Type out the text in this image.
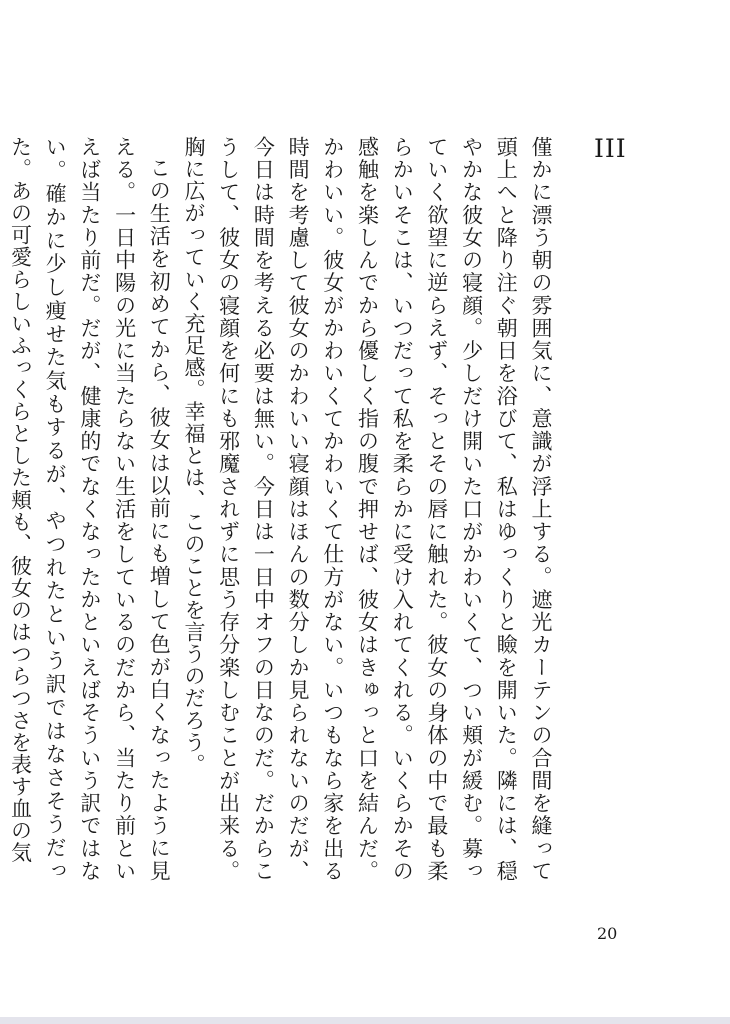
III

僅かに漂う朝の雰囲気に、意識が浮上する。遮光カーテンの合間を縫って頭上へと降り注ぐ朝日を浴びて、私はゆっくりと瞼を開いた。隣には、穏やかな彼女の寝顔。少しだけ開いた口がかわいくて、つい頬が緩む。募っていく欲望に逆らえず、そっとその唇に触れた。彼女の身体の中で最も柔らかいそこは、いつだって私を柔らかに受け入れてくれる。いくらかその感触を楽しんでから優しく指の腹で押せば、彼女はきゅっと口を結んだ。かわいい。彼女がかわいくてかわいくて仕方がない。いつもなら家を出る時間を考慮して彼女のかわいい寝顔はほんの数分しか見られないのだが、今日は時間を考える必要は無い。今日は一日中オフの日なのだ。だからこうして、彼女の寝顔を何にも邪魔されずに思う存分楽しむことが出来る。胸に広がっていく充足感。幸福とは、このことを言うのだろう。

この生活を初めてから、彼女は以前にも増して色が白くなったように見える。一日中陽の光に当たらない生活をしているのだから、当たり前といえば当たり前だ。だが、健康的でなくなったかといえばそういう訳ではない。確かに少し痩せた気もするが、やつれたという訳ではなさそうだった。あの可愛らしいふっくらとした頬も、彼女のはつらつさを表す血の気

20
